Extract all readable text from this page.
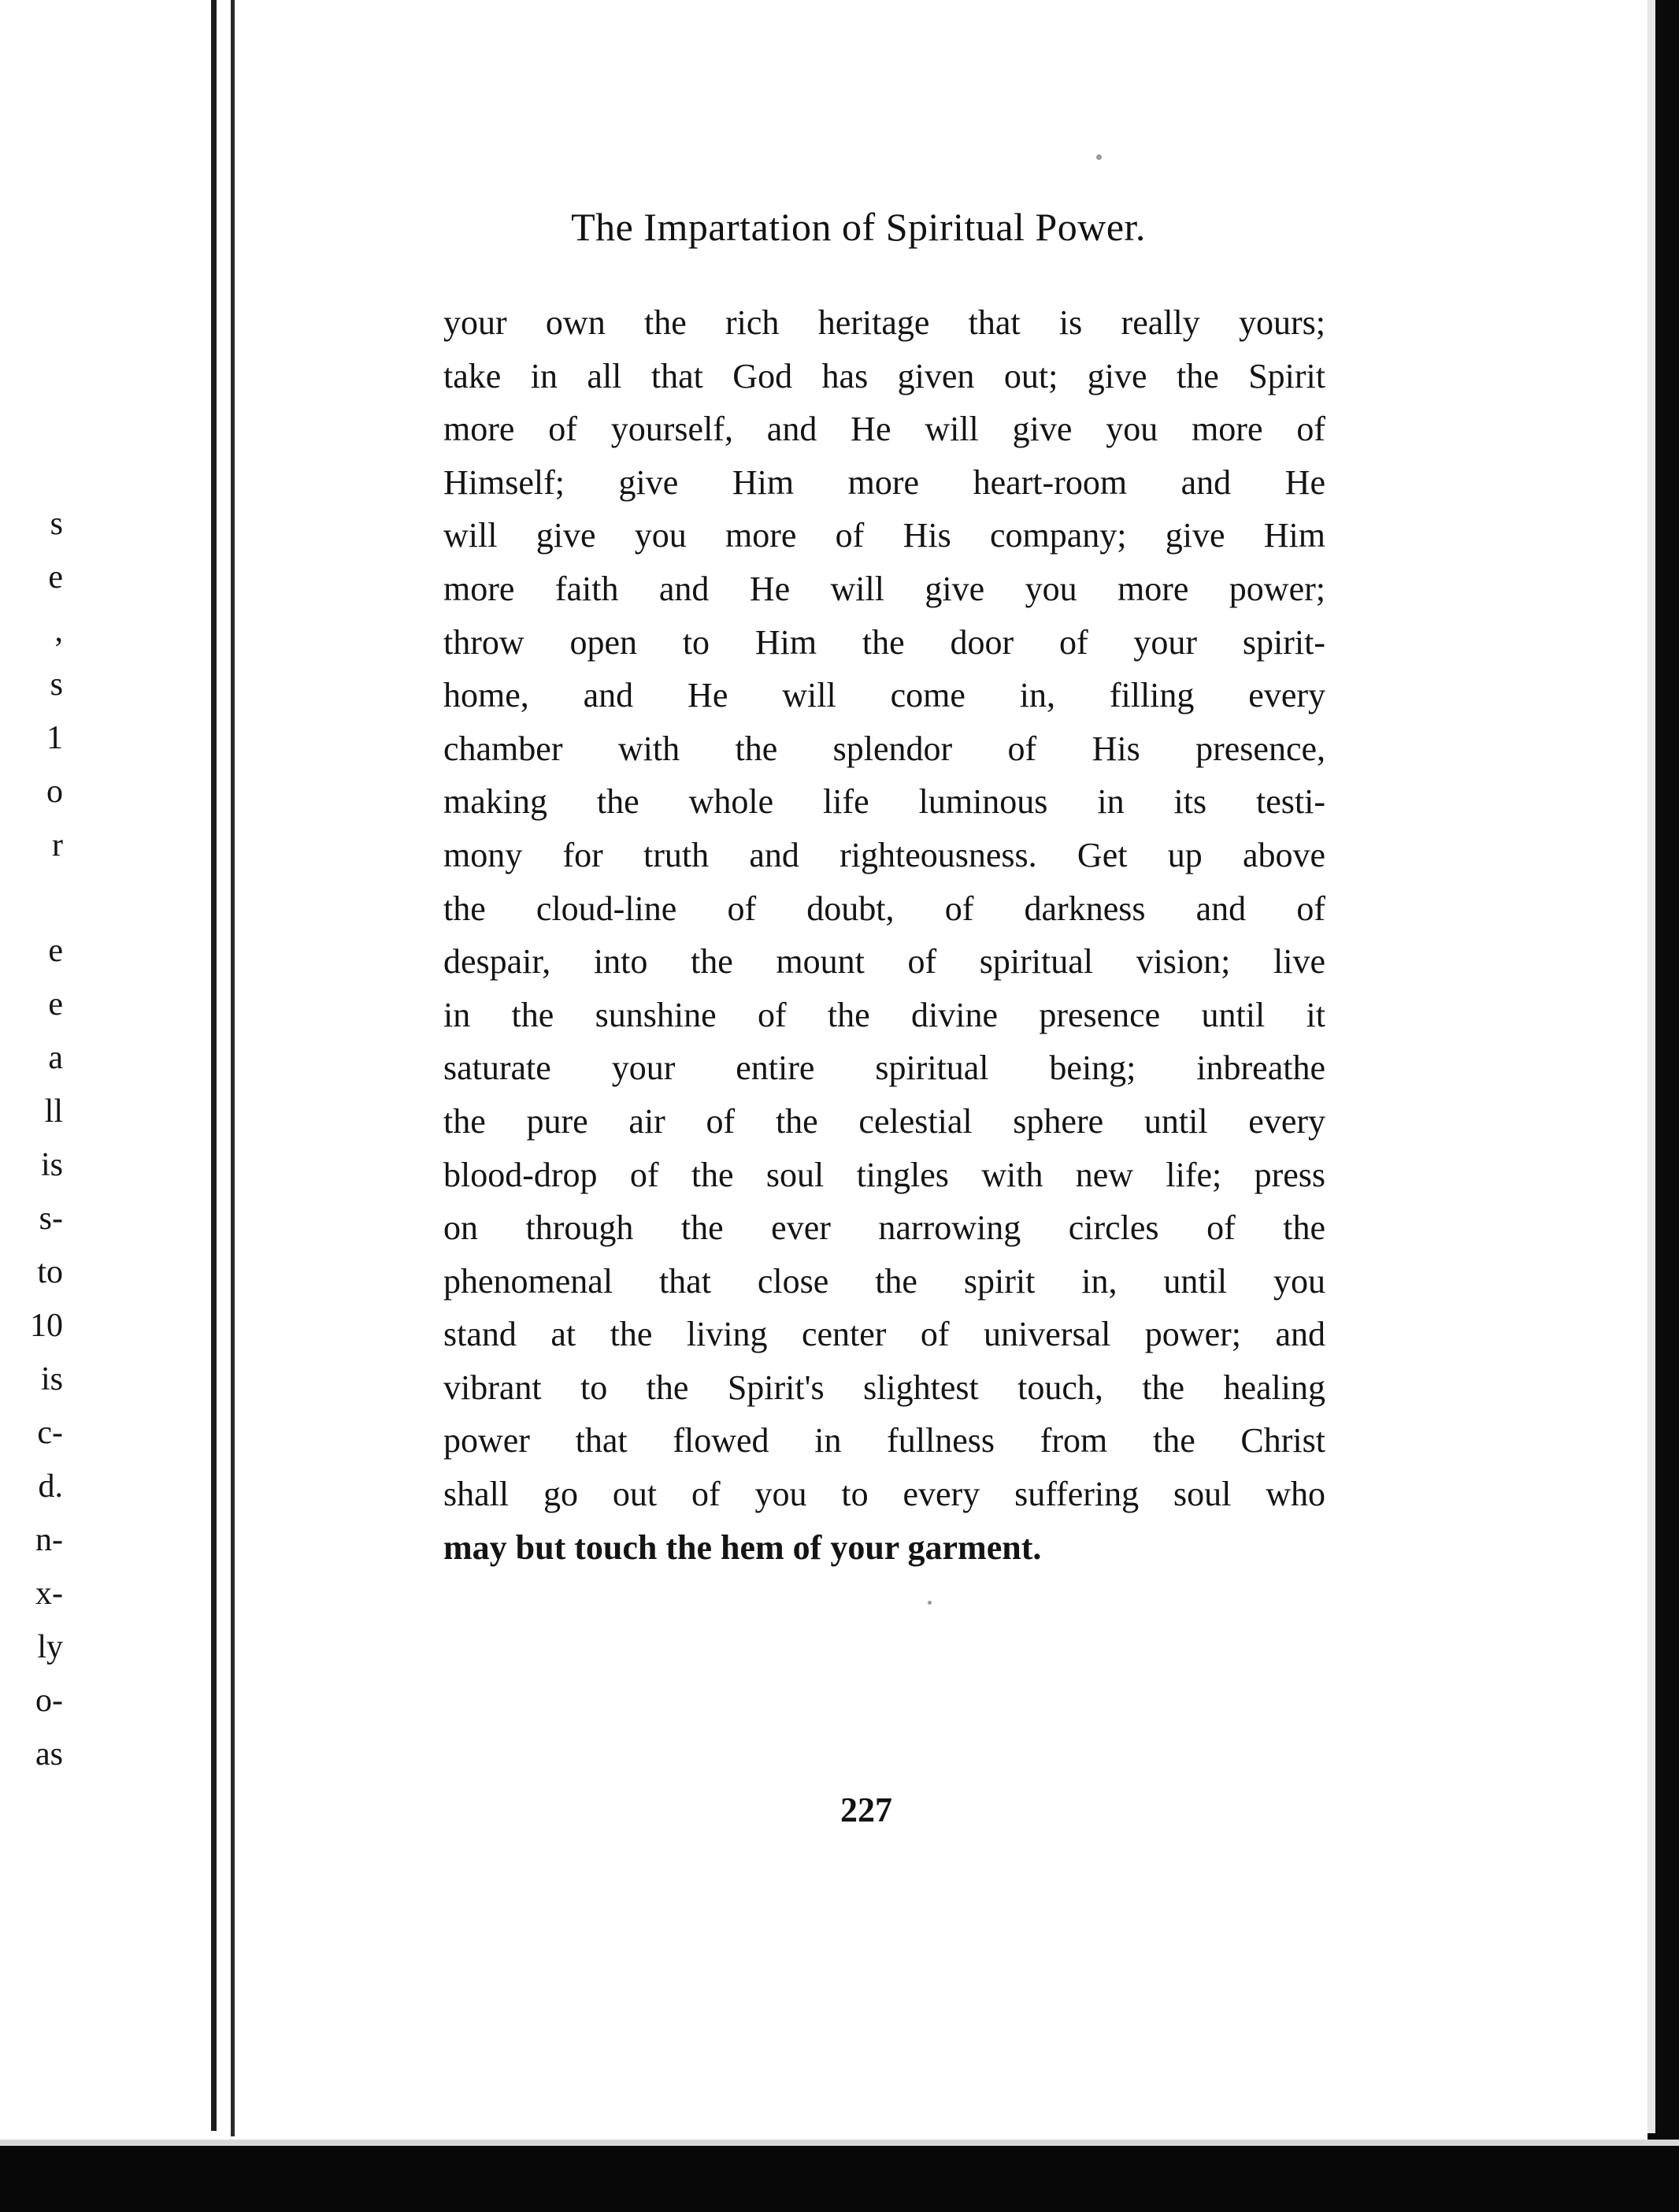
s
e
,
s
1
o
r
e
e
a
ll
is
s-
to
10
is
c-
d.
n-
x-
ly
o-
as
The Impartation of Spiritual Power.
your own the rich heritage that is really yours;
take in all that God has given out; give the Spirit
more of yourself, and He will give you more of
Himself; give Him more heart-room and He
will give you more of His company; give Him
more faith and He will give you more power;
throw open to Him the door of your spirit-
home, and He will come in, filling every
chamber with the splendor of His presence,
making the whole life luminous in its testi-
mony for truth and righteousness. Get up above
the cloud-line of doubt, of darkness and of
despair, into the mount of spiritual vision; live
in the sunshine of the divine presence until it
saturate your entire spiritual being; inbreathe
the pure air of the celestial sphere until every
blood-drop of the soul tingles with new life; press
on through the ever narrowing circles of the
phenomenal that close the spirit in, until you
stand at the living center of universal power; and
vibrant to the Spirit's slightest touch, the healing
power that flowed in fullness from the Christ
shall go out of you to every suffering soul who
may but touch the hem of your garment.
227
